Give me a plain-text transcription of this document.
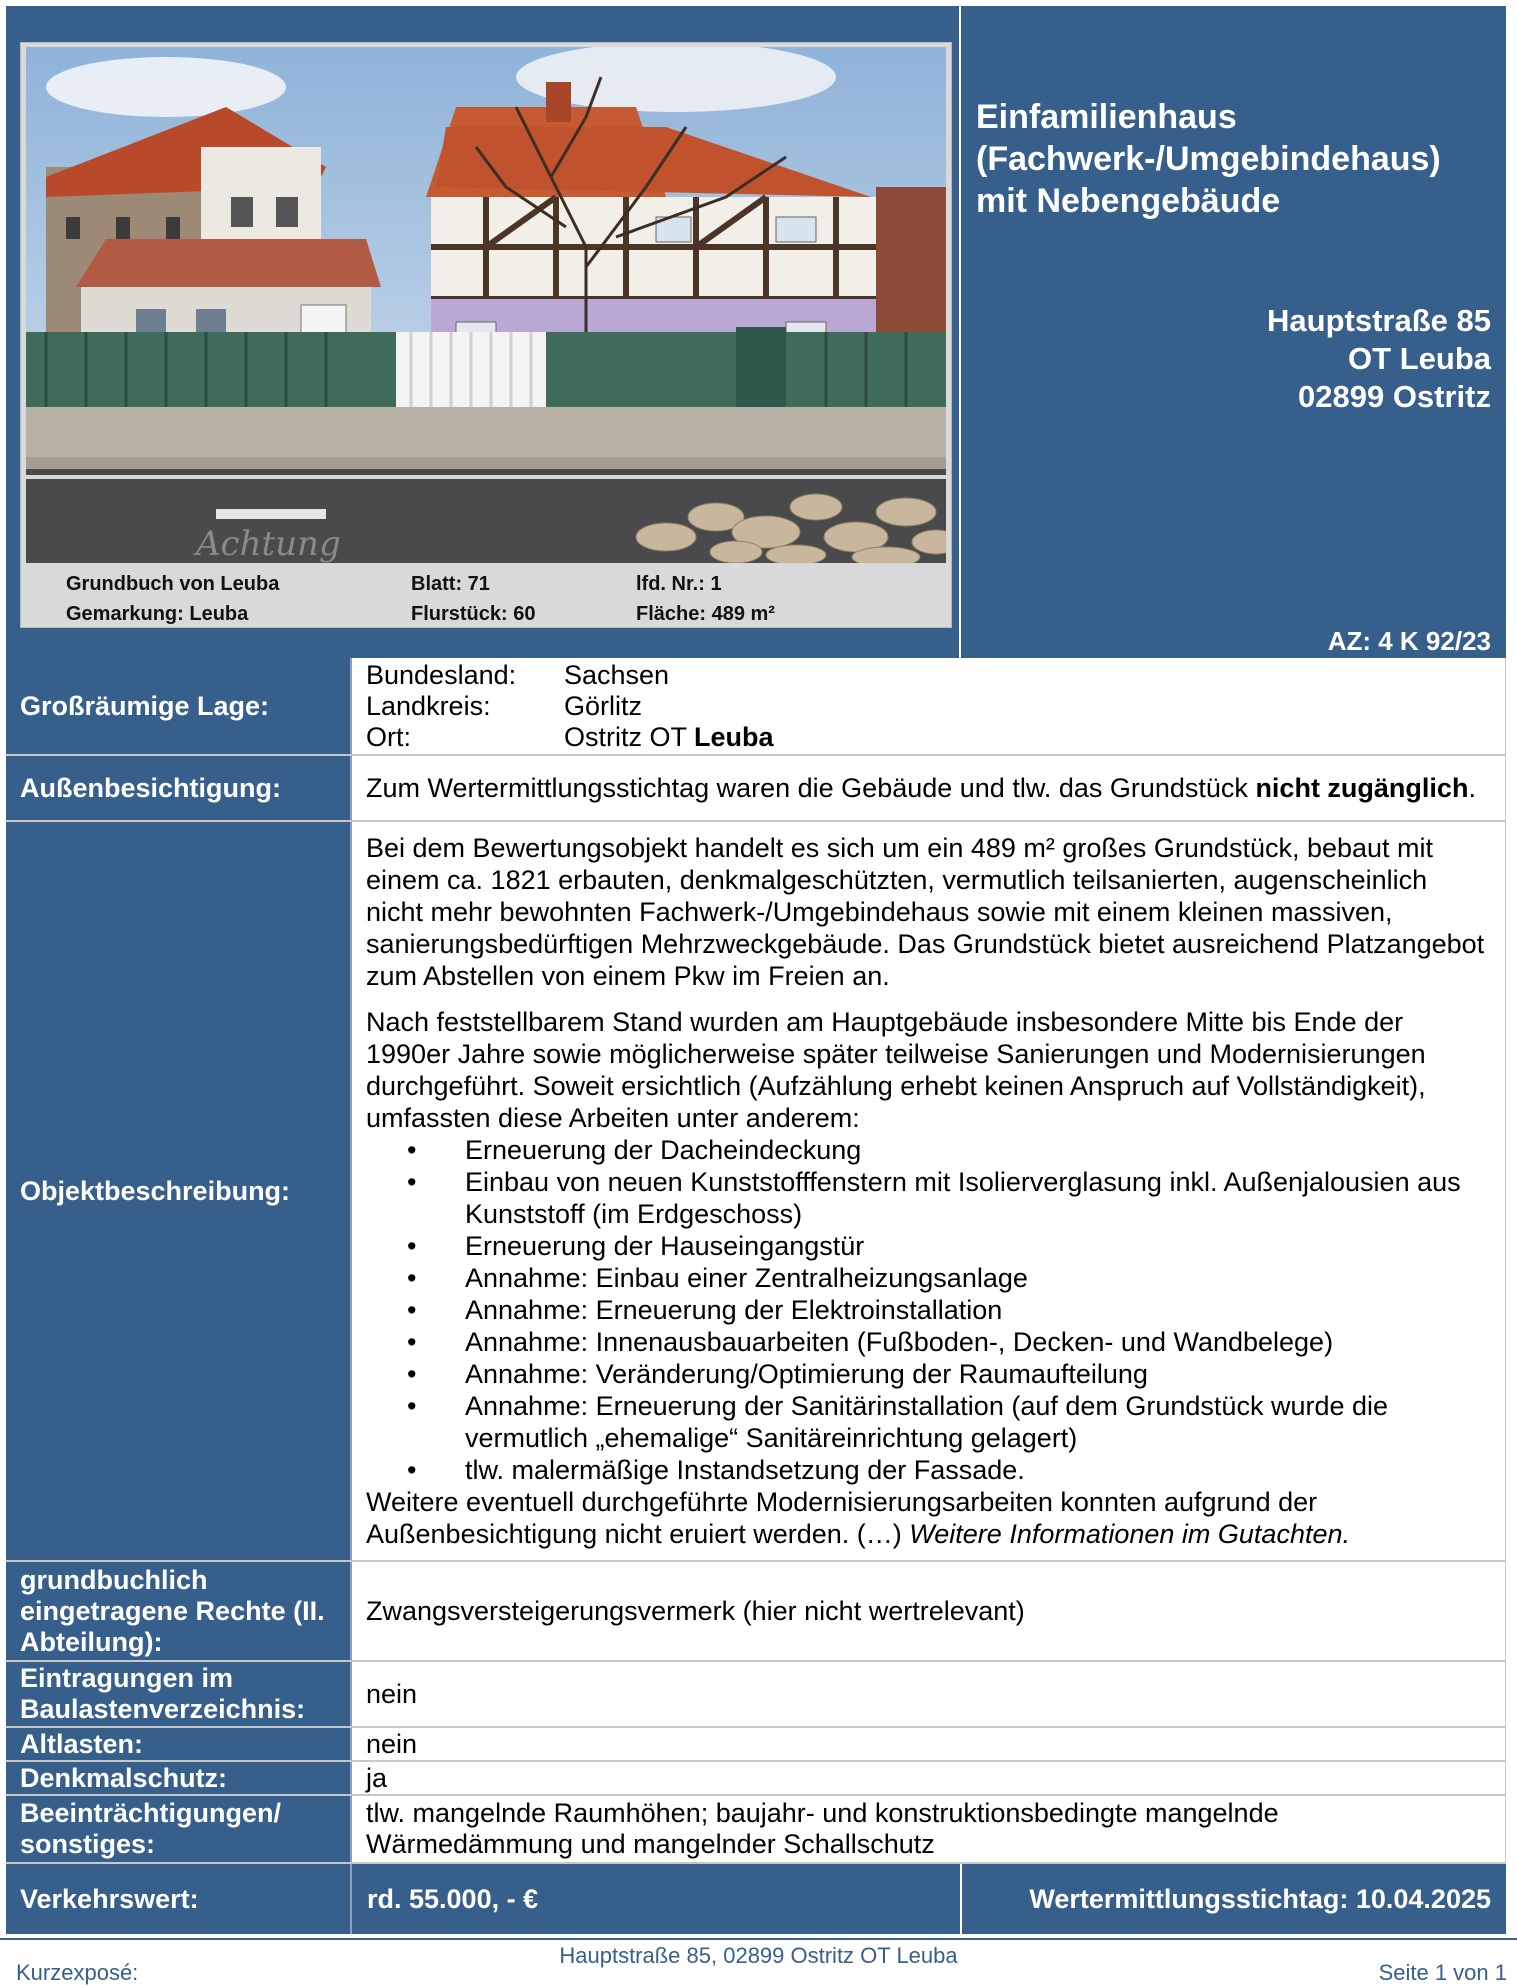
Achtung
Grundbuch von Leuba	Blatt: 71	lfd. Nr.: 1
Gemarkung: Leuba	Flurstück: 60	Fläche: 489 m²
Einfamilienhaus
(Fachwerk-/Umgebindehaus)
mit Nebengebäude
Hauptstraße 85
OT Leuba
02899 Ostritz
AZ: 4 K 92/23
Großräumige Lage:
Bundesland:	Sachsen
Landkreis:	Görlitz
Ort:	Ostritz OT Leuba
Außenbesichtigung:	Zum Wertermittlungsstichtag waren die Gebäude und tlw. das Grundstück nicht zugänglich.

Objektbeschreibung:

Bei dem Bewertungsobjekt handelt es sich um ein 489 m² großes Grundstück, bebaut mit einem ca. 1821 erbauten, denkmalgeschützten, vermutlich teilsanierten, augenscheinlich nicht mehr bewohnten Fachwerk-/Umgebindehaus sowie mit einem kleinen massiven, sanierungsbedürftigen Mehrzweckgebäude. Das Grundstück bietet ausreichend Platzangebot zum Abstellen von einem Pkw im Freien an.

Nach feststellbarem Stand wurden am Hauptgebäude insbesondere Mitte bis Ende der 1990er Jahre sowie möglicherweise später teilweise Sanierungen und Modernisierungen durchgeführt. Soweit ersichtlich (Aufzählung erhebt keinen Anspruch auf Vollständigkeit), umfassten diese Arbeiten unter anderem:

• Erneuerung der Dacheindeckung
• Einbau von neuen Kunststofffenstern mit Isolierverglasung inkl. Außenjalousien aus Kunststoff (im Erdgeschoss)
• Erneuerung der Hauseingangstür
• Annahme: Einbau einer Zentralheizungsanlage
• Annahme: Erneuerung der Elektroinstallation
• Annahme: Innenausbauarbeiten (Fußboden-, Decken- und Wandbelege)
• Annahme: Veränderung/Optimierung der Raumaufteilung
• Annahme: Erneuerung der Sanitärinstallation (auf dem Grundstück wurde die vermutlich „ehemalige“ Sanitäreinrichtung gelagert)
• tlw. malermäßige Instandsetzung der Fassade.

Weitere eventuell durchgeführte Modernisierungsarbeiten konnten aufgrund der Außenbesichtigung nicht eruiert werden. (…) Weitere Informationen im Gutachten.

grundbuchlich eingetragene Rechte (II. Abteilung):
Zwangsversteigerungsvermerk (hier nicht wertrelevant)
Eintragungen im Baulastenverzeichnis:	nein
Altlasten:	nein
Denkmalschutz:	ja
Beeinträchtigungen/ sonstiges:
tlw. mangelnde Raumhöhen; baujahr- und konstruktionsbedingte mangelnde Wärmedämmung und mangelnder Schallschutz
Verkehrswert:	rd. 55.000, - €	Wertermittlungsstichtag: 10.04.2025
Kurzexposé:
Hauptstraße 85, 02899 Ostritz OT Leuba
Seite 1 von 1
